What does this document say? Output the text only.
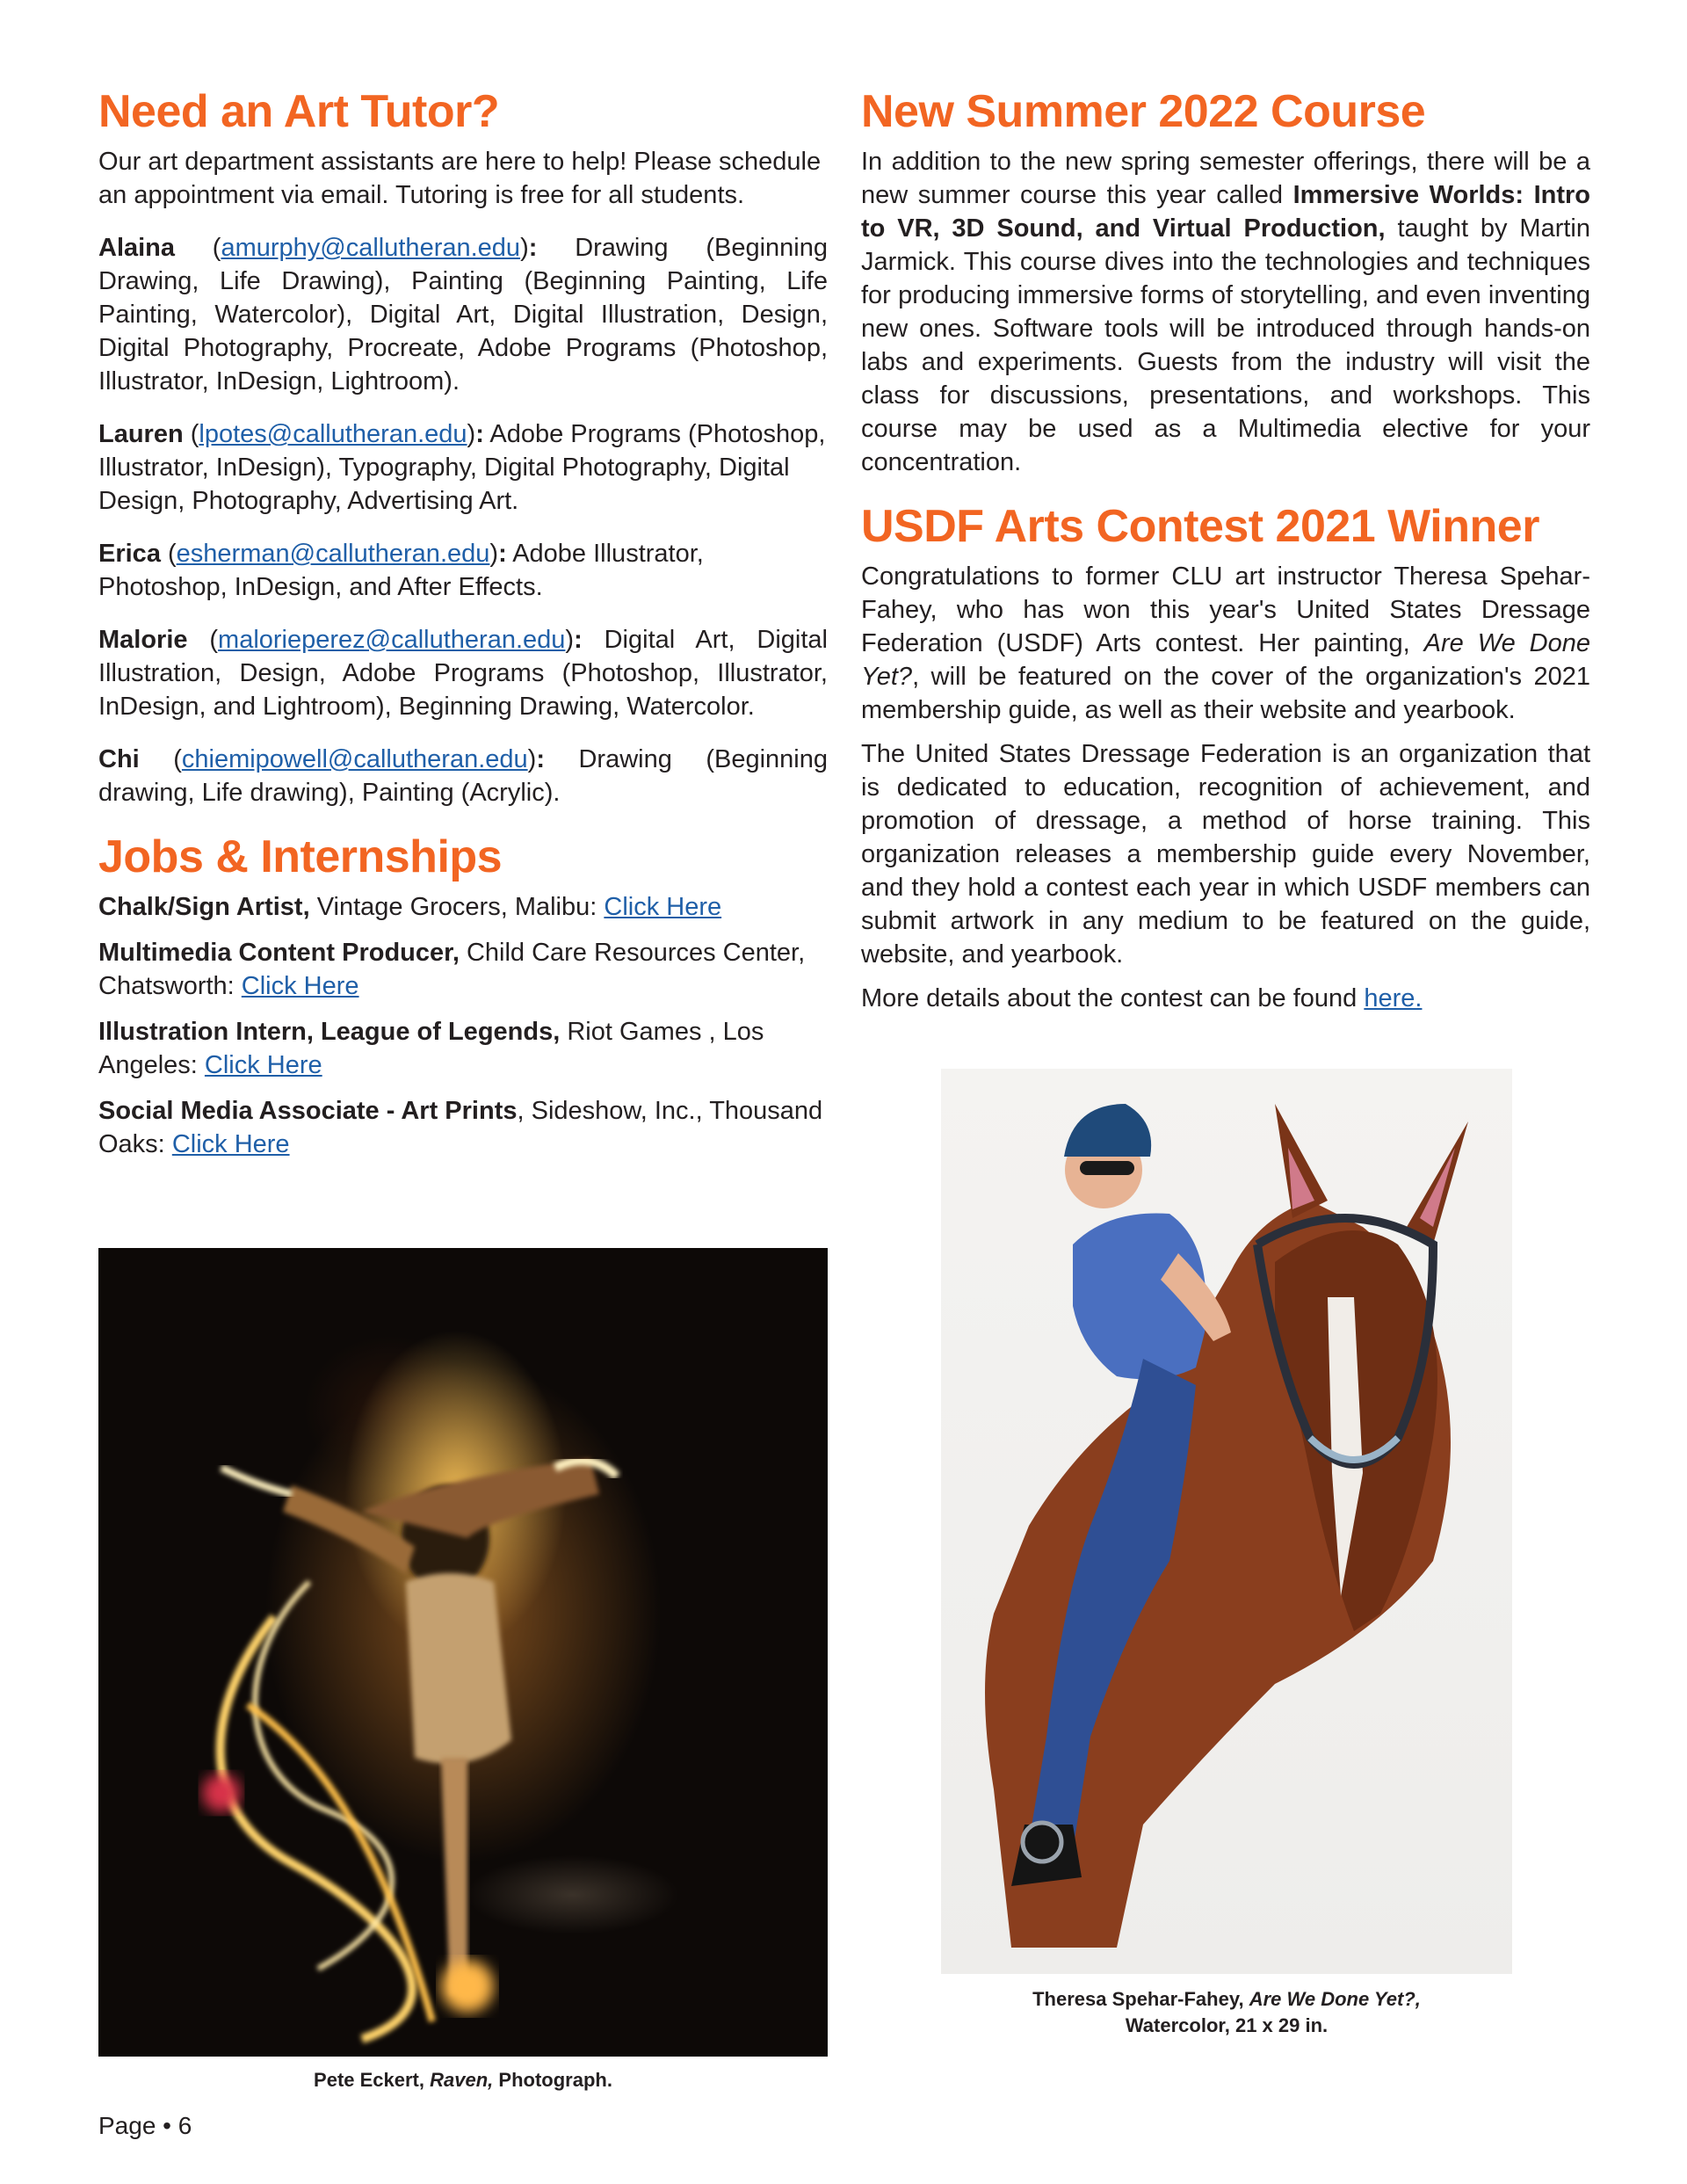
Need an Art Tutor?

Our art department assistants are here to help! Please schedule an appointment via email. Tutoring is free for all students.

Alaina (amurphy@callutheran.edu): Drawing (Beginning Drawing, Life Drawing), Painting (Beginning Painting, Life Painting, Watercolor), Digital Art, Digital Illustration, Design, Digital Photography, Procreate, Adobe Programs (Photoshop, Illustrator, InDesign, Lightroom).

Lauren (lpotes@callutheran.edu): Adobe Programs (Photoshop, Illustrator, InDesign), Typography, Digital Photography, Digital Design, Photography, Advertising Art.

Erica (esherman@callutheran.edu): Adobe Illustrator, Photoshop, InDesign, and After Effects.

Malorie (malorieperez@callutheran.edu): Digital Art, Digital Illustration, Design, Adobe Programs (Photoshop, Illustrator, InDesign, and Lightroom), Beginning Drawing, Watercolor.

Chi (chiemipowell@callutheran.edu): Drawing (Beginning drawing, Life drawing), Painting (Acrylic).

Jobs & Internships

Chalk/Sign Artist, Vintage Grocers, Malibu: Click Here

Multimedia Content Producer, Child Care Resources Center, Chatsworth: Click Here

Illustration Intern, League of Legends, Riot Games , Los Angeles: Click Here

Social Media Associate - Art Prints, Sideshow, Inc., Thousand Oaks: Click Here

New Summer 2022 Course

In addition to the new spring semester offerings, there will be a new summer course this year called Immersive Worlds: Intro to VR, 3D Sound, and Virtual Production, taught by Martin Jarmick. This course dives into the technologies and techniques for producing immersive forms of storytelling, and even inventing new ones. Software tools will be introduced through hands-on labs and experiments. Guests from the industry will visit the class for discussions, presentations, and workshops. This course may be used as a Multimedia elective for your concentration.

USDF Arts Contest 2021 Winner

Congratulations to former CLU art instructor Theresa Spehar-Fahey, who has won this year's United States Dressage Federation (USDF) Arts contest. Her painting, Are We Done Yet?, will be featured on the cover of the organization's 2021 membership guide, as well as their website and yearbook.

The United States Dressage Federation is an organization that is dedicated to education, recognition of achievement, and promotion of dressage, a method of horse training. This organization releases a membership guide every November, and they hold a contest each year in which USDF members can submit artwork in any medium to be featured on the guide, website, and yearbook.

More details about the contest can be found here.

Pete Eckert, Raven, Photograph.
Theresa Spehar-Fahey, Are We Done Yet?,
Watercolor, 21 x 29 in.
Page • 6
